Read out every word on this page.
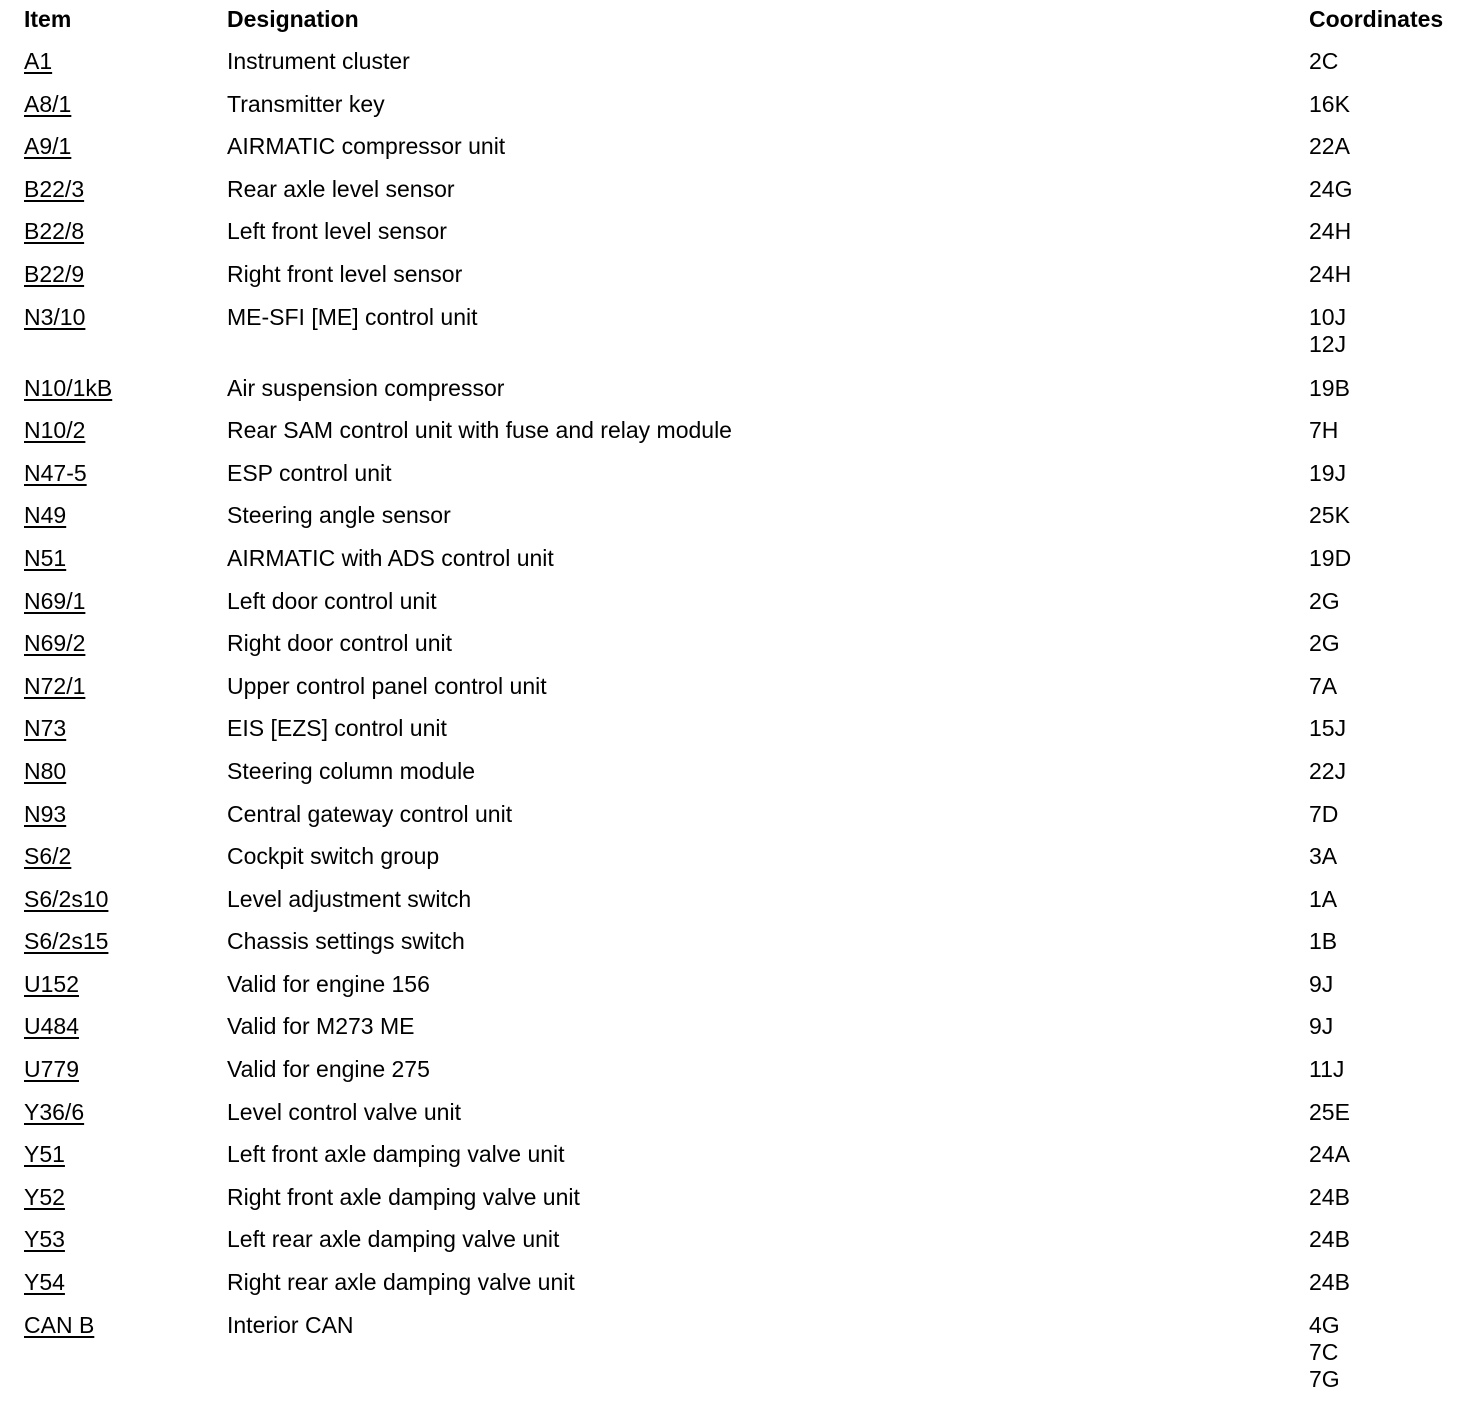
Item	Designation	Coordinates
A1	Instrument cluster	2C
A8/1	Transmitter key	16K
A9/1	AIRMATIC compressor unit	22A
B22/3	Rear axle level sensor	24G
B22/8	Left front level sensor	24H
B22/9	Right front level sensor	24H
N3/10	ME-SFI [ME] control unit	10J
12J
N10/1kB	Air suspension compressor	19B
N10/2	Rear SAM control unit with fuse and relay module	7H
N47-5	ESP control unit	19J
N49	Steering angle sensor	25K
N51	AIRMATIC with ADS control unit	19D
N69/1	Left door control unit	2G
N69/2	Right door control unit	2G
N72/1	Upper control panel control unit	7A
N73	EIS [EZS] control unit	15J
N80	Steering column module	22J
N93	Central gateway control unit	7D
S6/2	Cockpit switch group	3A
S6/2s10	Level adjustment switch	1A
S6/2s15	Chassis settings switch	1B
U152	Valid for engine 156	9J
U484	Valid for M273 ME	9J
U779	Valid for engine 275	11J
Y36/6	Level control valve unit	25E
Y51	Left front axle damping valve unit	24A
Y52	Right front axle damping valve unit	24B
Y53	Left rear axle damping valve unit	24B
Y54	Right rear axle damping valve unit	24B
CAN B	Interior CAN	4G
7C
7G
